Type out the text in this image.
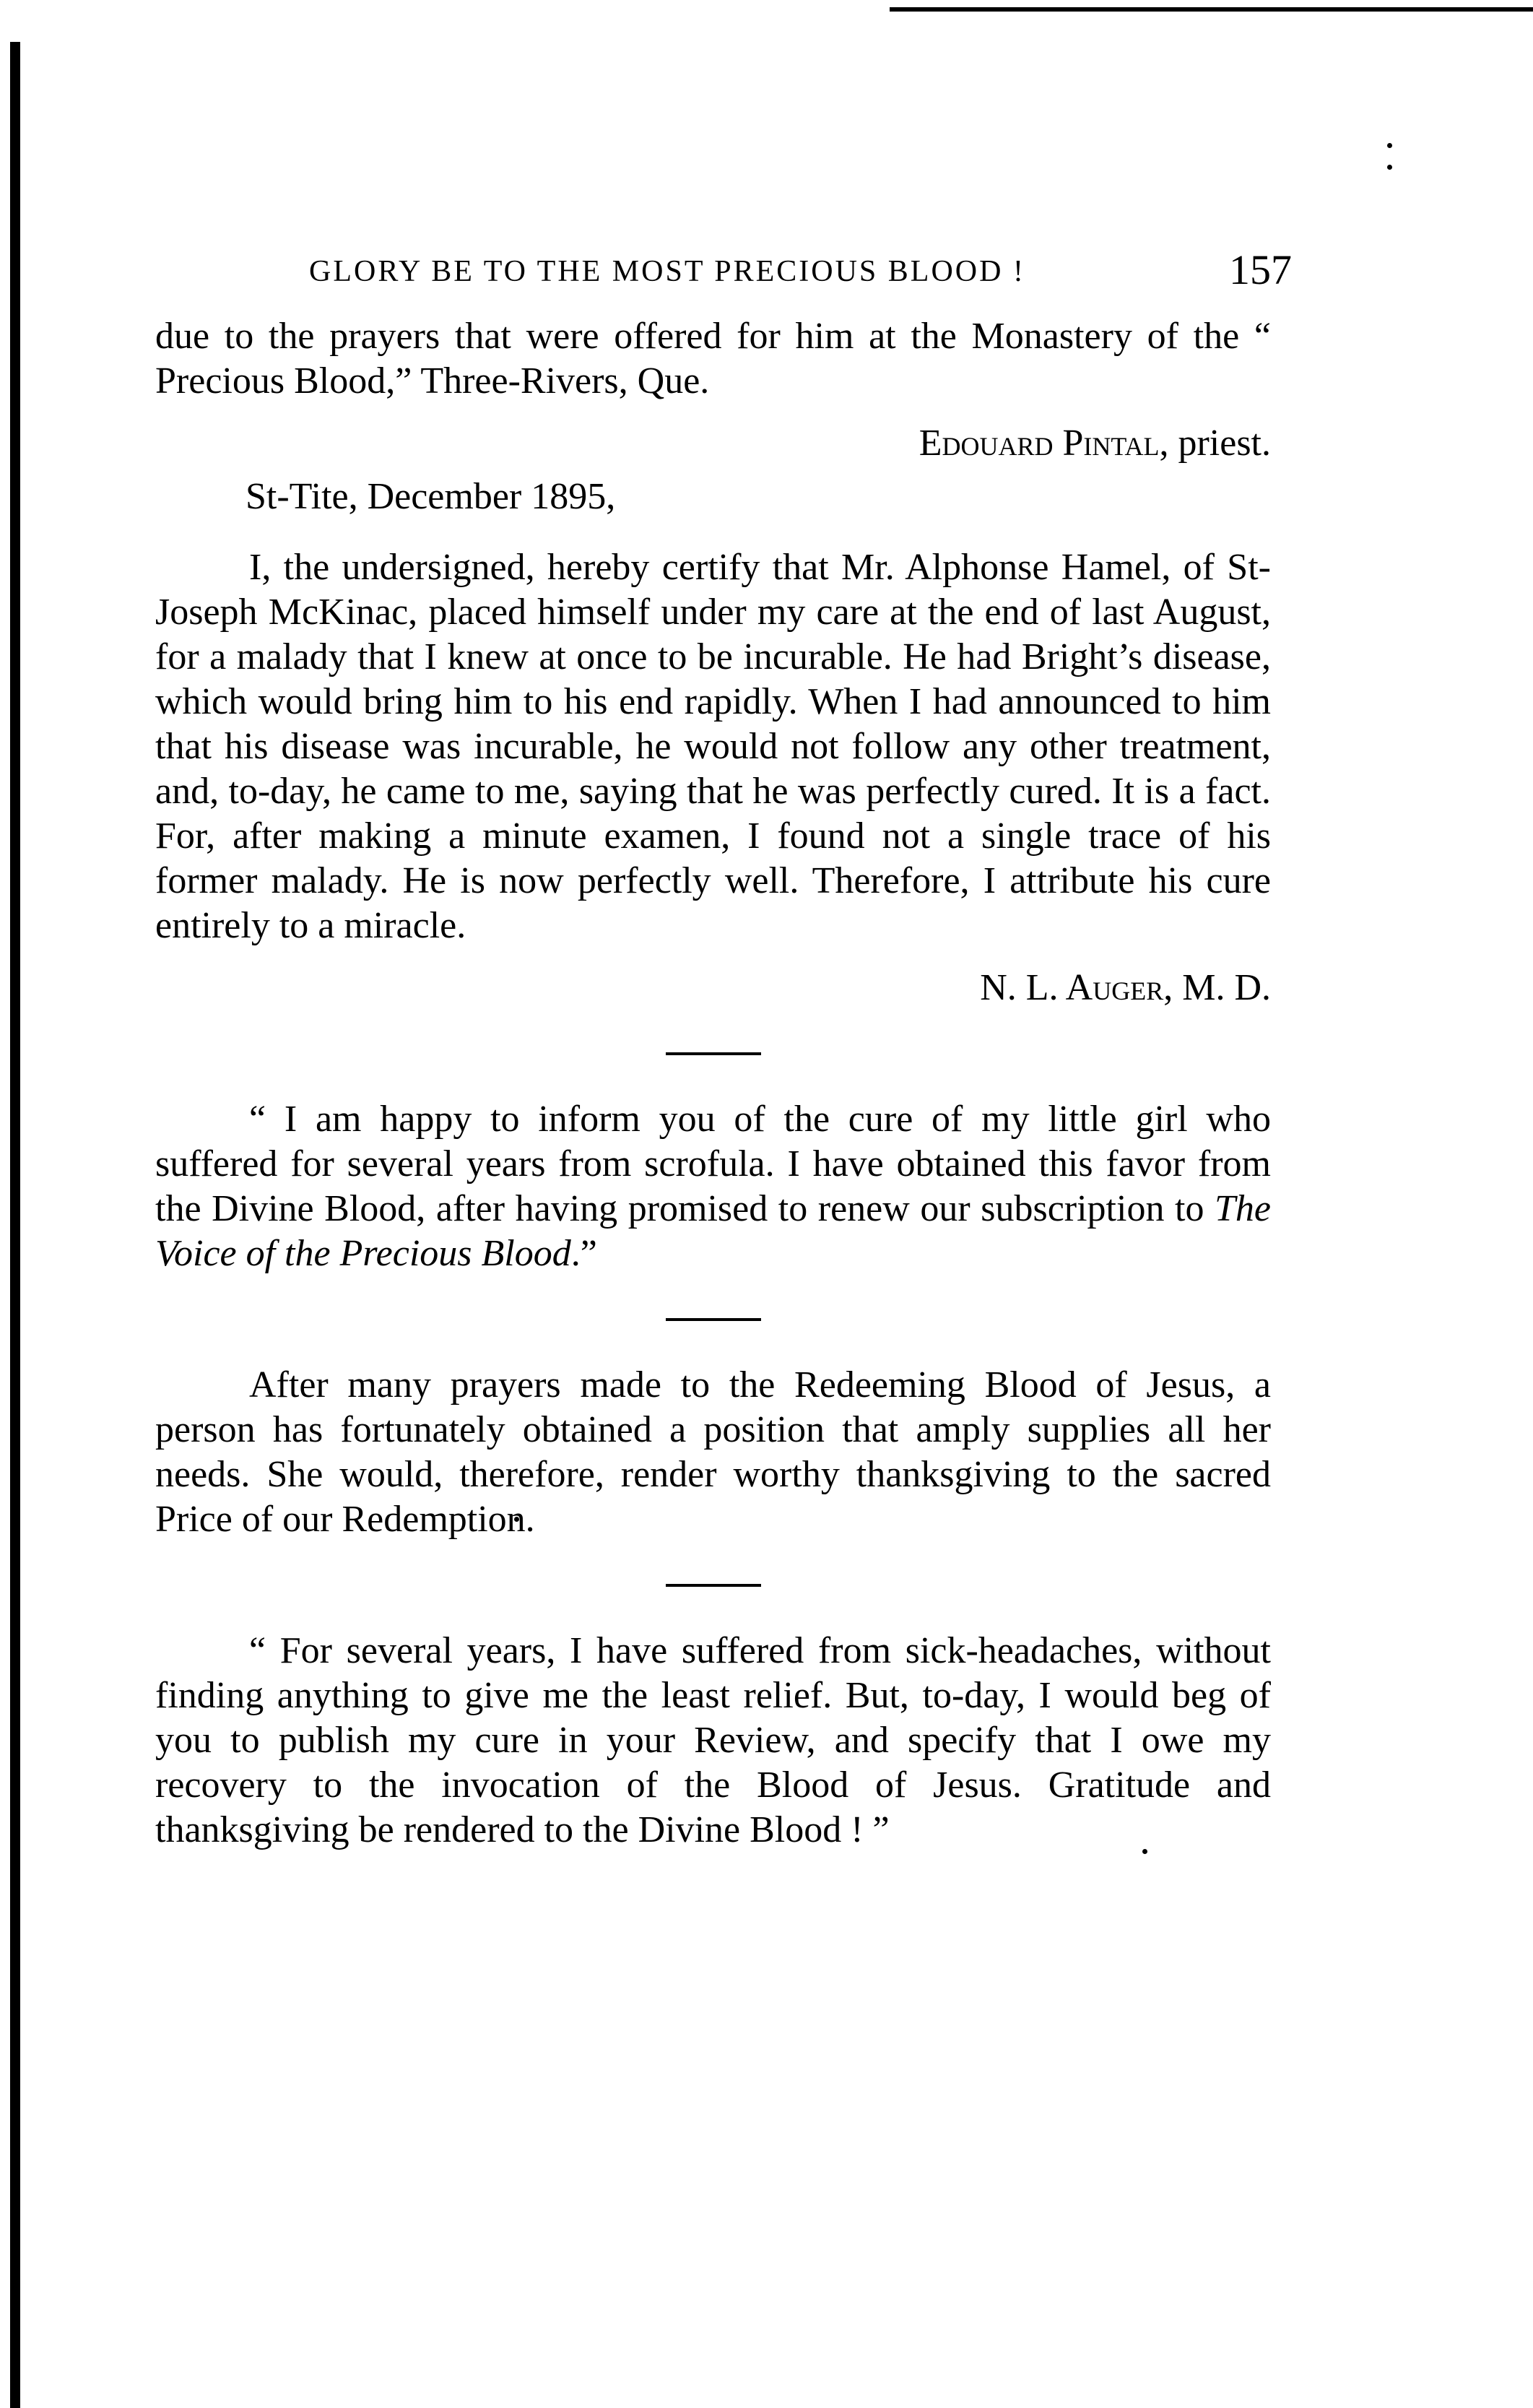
GLORY BE TO THE MOST PRECIOUS BLOOD !	157

due to the prayers that were offered for him at the Monastery of the “ Precious Blood,” Three-Rivers, Que.

Edouard Pintal, priest.

St-Tite, December 1895,

I, the undersigned, hereby certify that Mr. Alphonse Hamel, of St-Joseph McKinac, placed himself under my care at the end of last August, for a malady that I knew at once to be incurable. He had Bright’s disease, which would bring him to his end rapidly. When I had announced to him that his disease was incurable, he would not follow any other treatment, and, to-day, he came to me, saying that he was perfectly cured. It is a fact. For, after making a minute examen, I found not a single trace of his former malady. He is now perfectly well. Therefore, I attribute his cure entirely to a miracle.

N. L. Auger, M. D.

“ I am happy to inform you of the cure of my little girl who suffered for several years from scrofula. I have obtained this favor from the Divine Blood, after having promised to renew our subscription to The Voice of the Precious Blood.”

After many prayers made to the Redeeming Blood of Jesus, a person has fortunately obtained a position that amply supplies all her needs. She would, therefore, render worthy thanksgiving to the sacred Price of our Redemption.

“ For several years, I have suffered from sick-headaches, without finding anything to give me the least relief. But, to-day, I would beg of you to publish my cure in your Review, and specify that I owe my recovery to the invocation of the Blood of Jesus. Gratitude and thanksgiving be rendered to the Divine Blood ! ”
